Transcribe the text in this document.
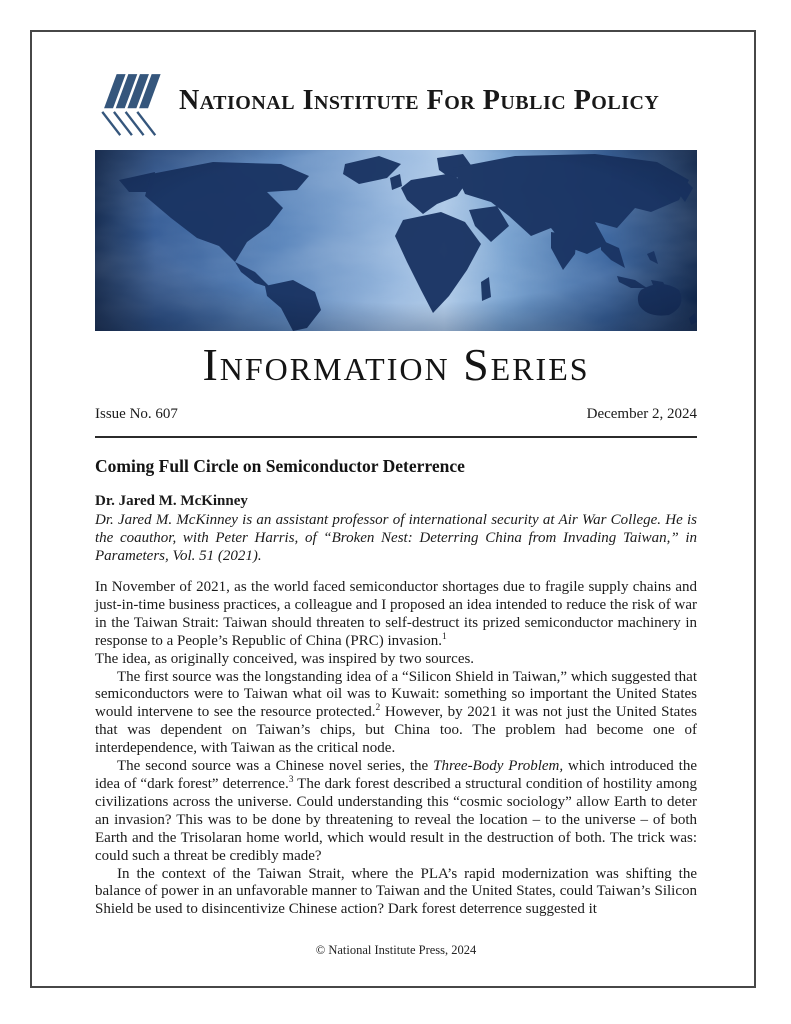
National Institute For Public Policy
Information Series
Issue No. 607	December 2, 2024
Coming Full Circle on Semiconductor Deterrence
Dr. Jared M. McKinney
Dr. Jared M. McKinney is an assistant professor of international security at Air War College. He is the coauthor, with Peter Harris, of “Broken Nest: Deterring China from Invading Taiwan,” in Parameters, Vol. 51 (2021).

In November of 2021, as the world faced semiconductor shortages due to fragile supply chains and just-in-time business practices, a colleague and I proposed an idea intended to reduce the risk of war in the Taiwan Strait: Taiwan should threaten to self-destruct its prized semiconductor machinery in response to a People’s Republic of China (PRC) invasion.$^1$

The idea, as originally conceived, was inspired by two sources.

The first source was the longstanding idea of a “Silicon Shield in Taiwan,” which suggested that semiconductors were to Taiwan what oil was to Kuwait: something so important the United States would intervene to see the resource protected.$^2$ However, by 2021 it was not just the United States that was dependent on Taiwan’s chips, but China too. The problem had become one of interdependence, with Taiwan as the critical node.

The second source was a Chinese novel series, the Three-Body Problem, which introduced the idea of “dark forest” deterrence.$^3$ The dark forest described a structural condition of hostility among civilizations across the universe. Could understanding this “cosmic sociology” allow Earth to deter an invasion? This was to be done by threatening to reveal the location – to the universe – of both Earth and the Trisolaran home world, which would result in the destruction of both. The trick was: could such a threat be credibly made?

In the context of the Taiwan Strait, where the PLA’s rapid modernization was shifting the balance of power in an unfavorable manner to Taiwan and the United States, could Taiwan’s Silicon Shield be used to disincentivize Chinese action? Dark forest deterrence suggested it

© National Institute Press, 2024
